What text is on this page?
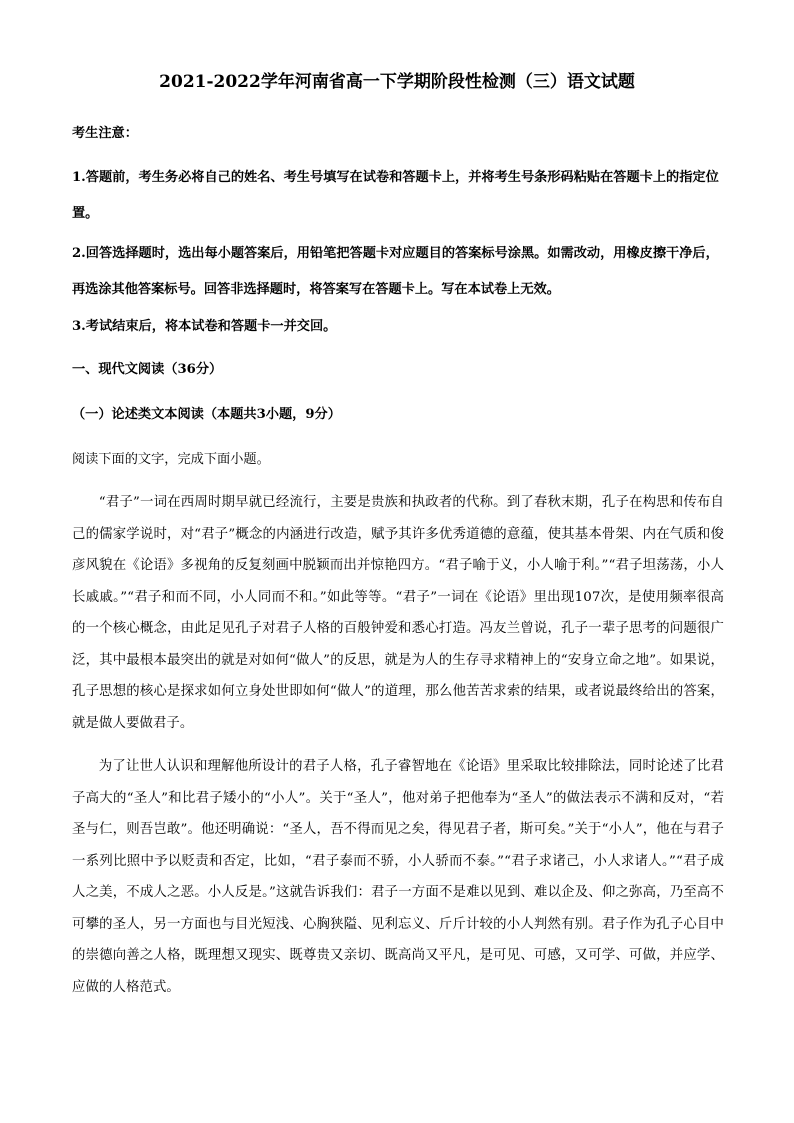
2021-2022学年河南省高一下学期阶段性检测（三）语文试题
考生注意：
1.答题前，考生务必将自己的姓名、考生号填写在试卷和答题卡上，并将考生号条形码粘贴在答题卡上的指定位置。
2.回答选择题时，选出每小题答案后，用铅笔把答题卡对应题目的答案标号涂黑。如需改动，用橡皮擦干净后，再选涂其他答案标号。回答非选择题时，将答案写在答题卡上。写在本试卷上无效。
3.考试结束后，将本试卷和答题卡一并交回。
一、现代文阅读（36分）
（一）论述类文本阅读（本题共3小题，9分）
阅读下面的文字，完成下面小题。
“君子”一词在西周时期早就已经流行，主要是贵族和执政者的代称。到了春秋末期，孔子在构思和传布自己的儒家学说时，对“君子”概念的内涵进行改造，赋予其许多优秀道德的意蕴，使其基本骨架、内在气质和俊彦风貌在《论语》多视角的反复刻画中脱颖而出并惊艳四方。“君子喻于义，小人喻于利。”“君子坦荡荡，小人长戚戚。”“君子和而不同，小人同而不和。”如此等等。“君子”一词在《论语》里出现107次，是使用频率很高的一个核心概念，由此足见孔子对君子人格的百般钟爱和悉心打造。冯友兰曾说，孔子一辈子思考的问题很广泛，其中最根本最突出的就是对如何“做人”的反思，就是为人的生存寻求精神上的“安身立命之地”。如果说，孔子思想的核心是探求如何立身处世即如何“做人”的道理，那么他苦苦求索的结果，或者说最终给出的答案，就是做人要做君子。
为了让世人认识和理解他所设计的君子人格，孔子睿智地在《论语》里采取比较排除法，同时论述了比君子高大的“圣人”和比君子矮小的“小人”。关于“圣人”，他对弟子把他奉为“圣人”的做法表示不满和反对，“若圣与仁，则吾岂敢”。他还明确说：“圣人，吾不得而见之矣，得见君子者，斯可矣。”关于“小人”，他在与君子一系列比照中予以贬责和否定，比如，“君子泰而不骄，小人骄而不泰。”“君子求诸己，小人求诸人。”“君子成人之美，不成人之恶。小人反是。”这就告诉我们：君子一方面不是难以见到、难以企及、仰之弥高，乃至高不可攀的圣人，另一方面也与目光短浅、心胸狭隘、见利忘义、斤斤计较的小人判然有别。君子作为孔子心目中的崇德向善之人格，既理想又现实、既尊贵又亲切、既高尚又平凡，是可见、可感，又可学、可做，并应学、应做的人格范式。
